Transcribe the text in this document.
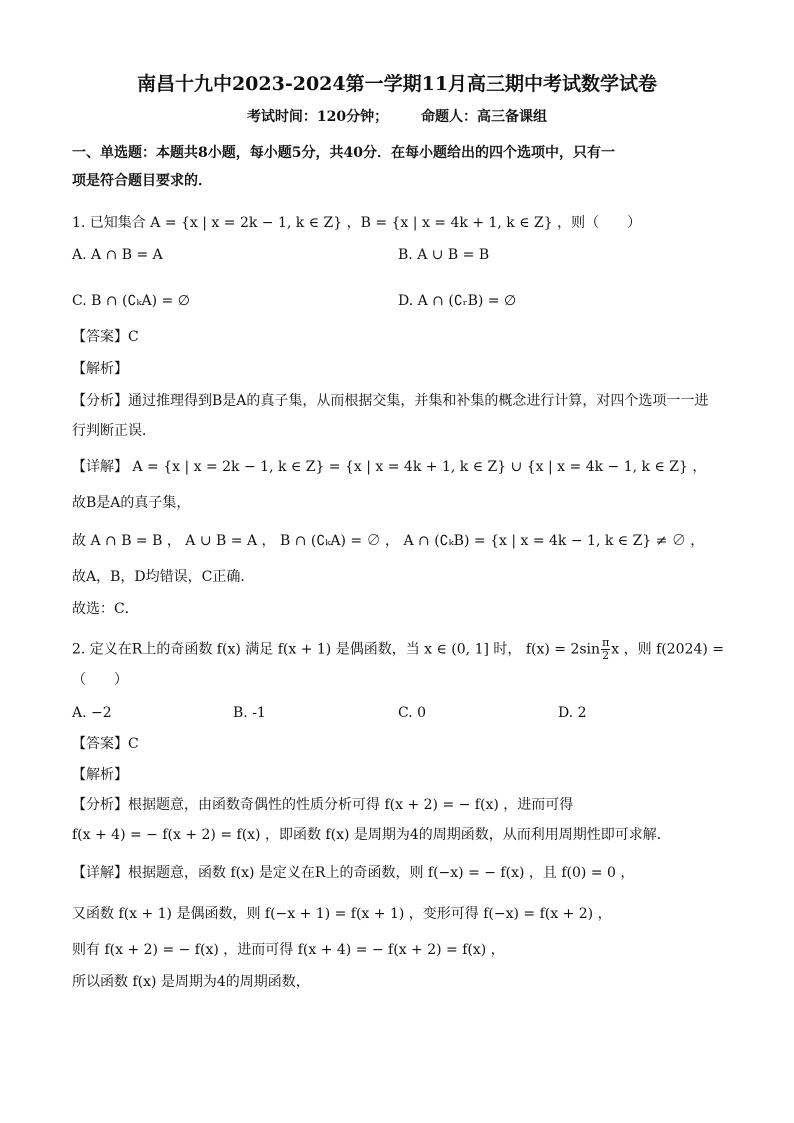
南昌十九中2023-2024第一学期11月高三期中考试数学试卷
考试时间：120分钟； 命题人：高三备课组
一、单选题：本题共8小题，每小题5分，共40分．在每小题给出的四个选项中，只有一
项是符合题目要求的．
1. 已知集合 A = {x | x = 2k − 1, k ∈ Z} ，B = {x | x = 4k + 1, k ∈ Z} ，则（　　）
A. A ∩ B = A	B. A ∪ B = B
C. B ∩ (∁ₖA) = ∅	D. A ∩ (∁ᵣB) = ∅
【答案】C
【解析】
【分析】通过推理得到B是A的真子集，从而根据交集，并集和补集的概念进行计算，对四个选项一一进
行判断正误．
【详解】 A = {x | x = 2k − 1, k ∈ Z} = {x | x = 4k + 1, k ∈ Z} ∪ {x | x = 4k − 1, k ∈ Z} ，
故B是A的真子集，
故 A ∩ B = B ， A ∪ B = A ， B ∩ (∁ₖA) = ∅ ， A ∩ (∁ₖB) = {x | x = 4k − 1, k ∈ Z} ≠ ∅ ，
故A，B，D均错误，C正确．
故选：C．
2. 定义在R上的奇函数 f(x) 满足 f(x + 1) 是偶函数，当 x ∈ (0, 1] 时， $f(x) = 2\sin \frac{\pi}{2}$ x ，则 f(2024) =
（　　）
A. −2	B. -1	C. 0	D. 2
【答案】C
【解析】
【分析】根据题意，由函数奇偶性的性质分析可得 f(x + 2) = − f(x) ，进而可得
f(x + 4) = − f(x + 2) = f(x) ，即函数 f(x) 是周期为4的周期函数，从而利用周期性即可求解．
【详解】根据题意，函数 f(x) 是定义在R上的奇函数，则 f(−x) = − f(x) ，且 f(0) = 0 ，
又函数 f(x + 1) 是偶函数，则 f(−x + 1) = f(x + 1) ，变形可得 f(−x) = f(x + 2) ，
则有 f(x + 2) = − f(x) ，进而可得 f(x + 4) = − f(x + 2) = f(x) ，
所以函数 f(x) 是周期为4的周期函数，
